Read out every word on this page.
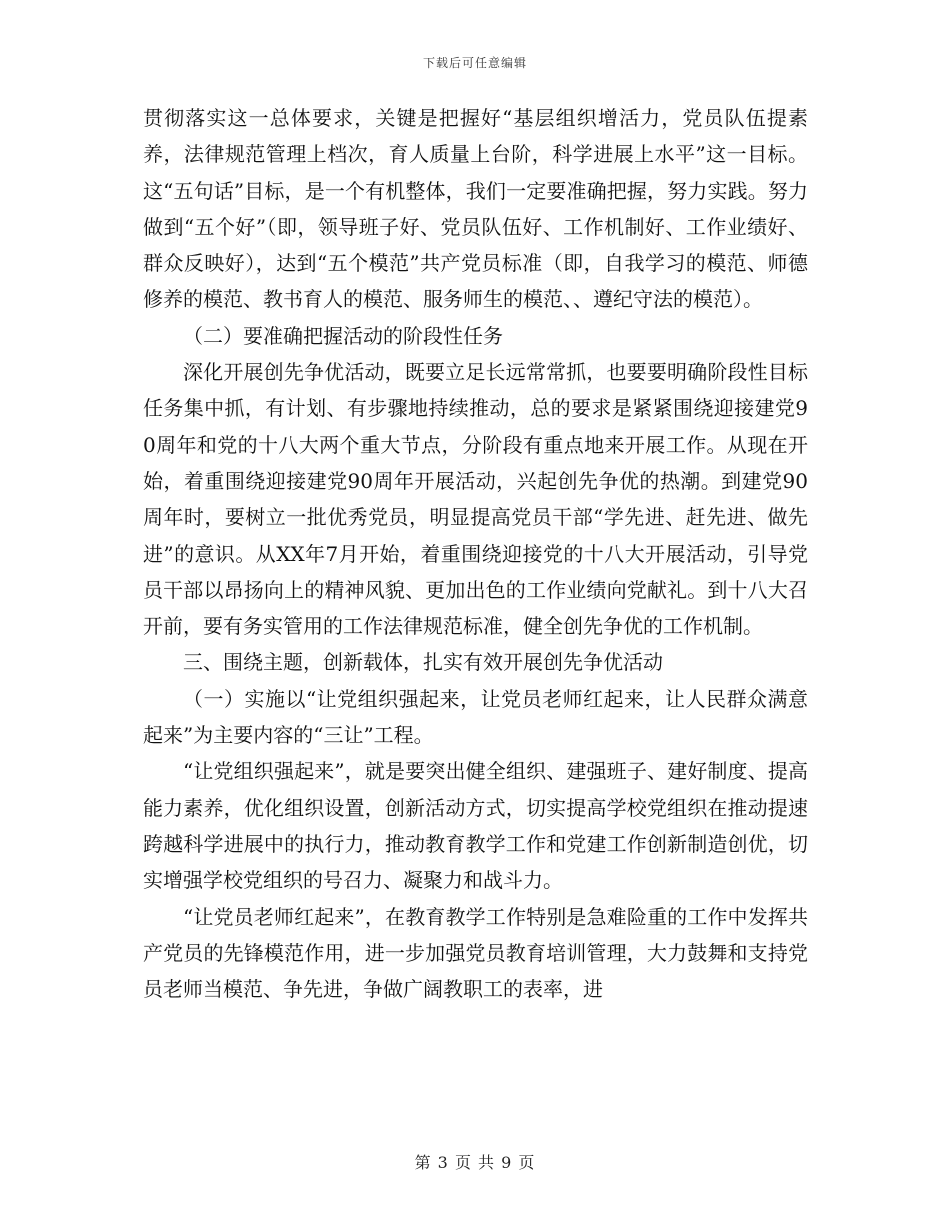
下载后可任意编辑

贯彻落实这一总体要求，关键是把握好“基层组织增活力，党员队伍提素养，法律规范管理上档次，育人质量上台阶，科学进展上水平”这一目标。这“五句话”目标，是一个有机整体，我们一定要准确把握，努力实践。努力做到“五个好”（即，领导班子好、党员队伍好、工作机制好、工作业绩好、群众反映好），达到“五个模范”共产党员标准（即，自我学习的模范、师德修养的模范、教书育人的模范、服务师生的模范、、遵纪守法的模范）。

（二）要准确把握活动的阶段性任务

深化开展创先争优活动，既要立足长远常常抓，也要要明确阶段性目标任务集中抓，有计划、有步骤地持续推动，总的要求是紧紧围绕迎接建党90周年和党的十八大两个重大节点，分阶段有重点地来开展工作。从现在开始，着重围绕迎接建党90周年开展活动，兴起创先争优的热潮。到建党90周年时，要树立一批优秀党员，明显提高党员干部“学先进、赶先进、做先进”的意识。从XX年7月开始，着重围绕迎接党的十八大开展活动，引导党员干部以昂扬向上的精神风貌、更加出色的工作业绩向党献礼。到十八大召开前，要有务实管用的工作法律规范标准，健全创先争优的工作机制。

三、围绕主题，创新载体，扎实有效开展创先争优活动

（一）实施以“让党组织强起来，让党员老师红起来，让人民群众满意起来”为主要内容的“三让”工程。

“让党组织强起来”，就是要突出健全组织、建强班子、建好制度、提高能力素养，优化组织设置，创新活动方式，切实提高学校党组织在推动提速跨越科学进展中的执行力，推动教育教学工作和党建工作创新制造创优，切实增强学校党组织的号召力、凝聚力和战斗力。

“让党员老师红起来”，在教育教学工作特别是急难险重的工作中发挥共产党员的先锋模范作用，进一步加强党员教育培训管理，大力鼓舞和支持党员老师当模范、争先进，争做广阔教职工的表率，进

第 3 页 共 9 页
